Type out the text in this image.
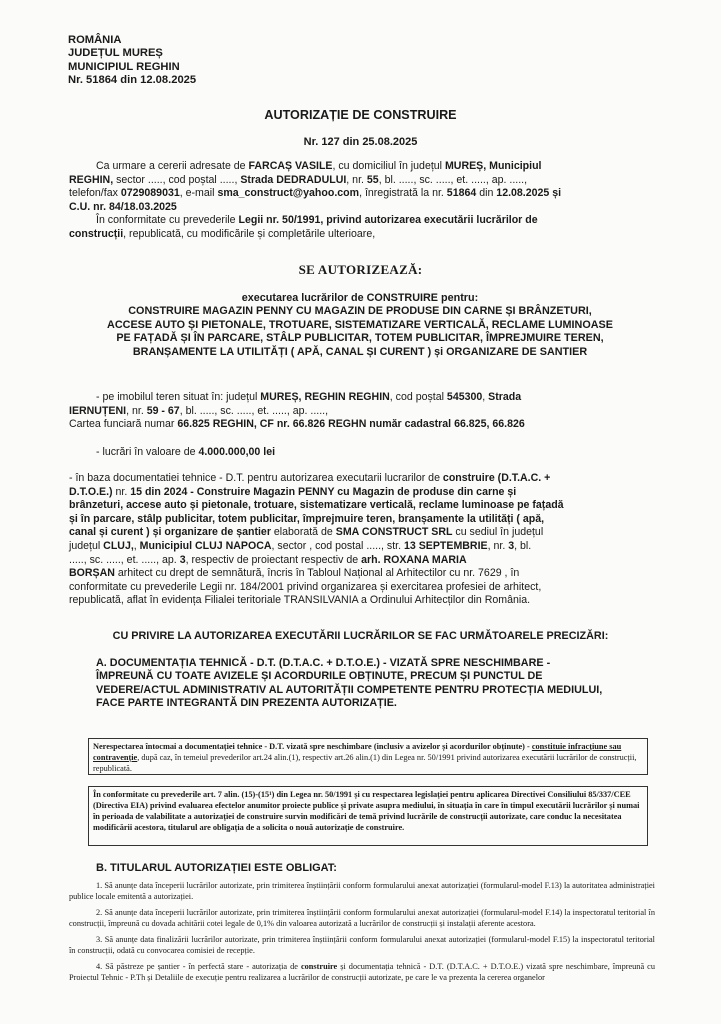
ROMÂNIA
JUDEȚUL MUREȘ
MUNICIPIUL REGHIN
Nr. 51864 din 12.08.2025
AUTORIZAȚIE DE CONSTRUIRE
Nr. 127 din 25.08.2025
Ca urmare a cererii adresate de FARCAȘ VASILE, cu domiciliul în județul MUREȘ, Municipiul
REGHIN, sector ....., cod poștal ....., Strada DEDRADULUI, nr. 55, bl. ....., sc. ....., et. ....., ap. .....,
telefon/fax 0729089031, e-mail sma_construct@yahoo.com, înregistrată la nr. 51864 din 12.08.2025 și
C.U. nr. 84/18.03.2025
În conformitate cu prevederile Legii nr. 50/1991, privind autorizarea executării lucrărilor de
construcții, republicată, cu modificările și completările ulterioare,
SE AUTORIZEAZĂ:
executarea lucrărilor de CONSTRUIRE pentru:
CONSTRUIRE MAGAZIN PENNY CU MAGAZIN DE PRODUSE DIN CARNE ȘI BRÂNZETURI,
ACCESE AUTO ȘI PIETONALE, TROTUARE, SISTEMATIZARE VERTICALĂ, RECLAME LUMINOASE
PE FAȚADĂ ȘI ÎN PARCARE, STÂLP PUBLICITAR, TOTEM PUBLICITAR, ÎMPREJMUIRE TEREN,
BRANȘAMENTE LA UTILITĂȚI ( APĂ, CANAL ȘI CURENT ) și ORGANIZARE DE SANTIER
- pe imobilul teren situat în: județul MUREȘ, REGHIN REGHIN, cod poștal 545300, Strada
IERNUȚENI, nr. 59 - 67, bl. ....., sc. ....., et. ....., ap. .....,
Cartea funciară numar 66.825 REGHIN, CF nr. 66.826 REGHN număr cadastral 66.825, 66.826
- lucrări în valoare de 4.000.000,00 lei
- în baza documentatiei tehnice - D.T. pentru autorizarea executarii lucrarilor de construire (D.T.A.C. +
D.T.O.E.) nr. 15 din 2024 - Construire Magazin PENNY cu Magazin de produse din carne și
brânzeturi, accese auto și pietonale, trotuare, sistematizare verticală, reclame luminoase pe fațadă
și în parcare, stâlp publicitar, totem publicitar, împrejmuire teren, branșamente la utilități ( apă,
canal și curent ) și organizare de șantier elaborată de SMA CONSTRUCT SRL cu sediul în județul
județul CLUJ,, Municipiul CLUJ NAPOCA, sector , cod postal ....., str. 13 SEPTEMBRIE, nr. 3, bl.
....., sc. ....., et. ....., ap. 3, respectiv de proiectant respectiv de arh. ROXANA MARIA
BORȘAN arhitect cu drept de semnătură, încris în Tabloul Național al Arhitectilor cu nr. 7629 , în
conformitate cu prevederile Legii nr. 184/2001 privind organizarea și exercitarea profesiei de arhitect,
republicată, aflat în evidența Filialei teritoriale TRANSILVANIA a Ordinului Arhitecților din România.
CU PRIVIRE LA AUTORIZAREA EXECUTĂRII LUCRĂRILOR SE FAC URMĂTOARELE PRECIZĂRI:
A. DOCUMENTAȚIA TEHNICĂ - D.T. (D.T.A.C. + D.T.O.E.) - VIZATĂ SPRE NESCHIMBARE -
ÎMPREUNĂ CU TOATE AVIZELE ȘI ACORDURILE OBȚINUTE, PRECUM ȘI PUNCTUL DE
VEDERE/ACTUL ADMINISTRATIV AL AUTORITĂȚII COMPETENTE PENTRU PROTECȚIA MEDIULUI,
FACE PARTE INTEGRANTĂ DIN PREZENTA AUTORIZAȚIE.
Nerespectarea întocmai a documentației tehnice - D.T. vizată spre neschimbare (inclusiv a avizelor și acordurilor obținute) - constituie infracțiune sau contravenție, după caz, în temeiul prevederilor art.24 alin.(1), respectiv art.26 alin.(1) din Legea nr. 50/1991 privind autorizarea executării lucrărilor de construcții, republicată.
În conformitate cu prevederile art. 7 alin. (15)-(15¹) din Legea nr. 50/1991 și cu respectarea legislației pentru aplicarea Directivei Consiliului 85/337/CEE (Directiva EIA) privind evaluarea efectelor anumitor proiecte publice și private asupra mediului, în situația în care în timpul executării lucrărilor și numai în perioada de valabilitate a autorizației de construire survin modificări de temă privind lucrările de construcții autorizate, care conduc la necesitatea modificării acestora, titularul are obligația de a solicita o nouă autorizație de construire.
B. TITULARUL AUTORIZAȚIEI ESTE OBLIGAT:

1. Să anunțe data începerii lucrărilor autorizate, prin trimiterea înștiințării conform formularului anexat autorizației (formularul-model F.13) la autoritatea administrației publice locale emitentă a autorizației.

2. Să anunțe data începerii lucrărilor autorizate, prin trimiterea înștiințării conform formularului anexat autorizației (formularul-model F.14) la inspectoratul teritorial în construcții, împreună cu dovada achitării cotei legale de 0,1% din valoarea autorizată a lucrărilor de construcții și instalații aferente acestora.

3. Să anunțe data finalizării lucrărilor autorizate, prin trimiterea înștiințării conform formularului anexat autorizației (formularul-model F.15) la inspectoratul teritorial în construcții, odată cu convocarea comisiei de recepție.

4. Să păstreze pe șantier - în perfectă stare - autorizația de construire și documentația tehnică - D.T. (D.T.A.C. + D.T.O.E.) vizată spre neschimbare, împreună cu Proiectul Tehnic - P.Th și Detaliile de execuție pentru realizarea a lucrărilor de construcții autorizate, pe care le va prezenta la cererea organelor
